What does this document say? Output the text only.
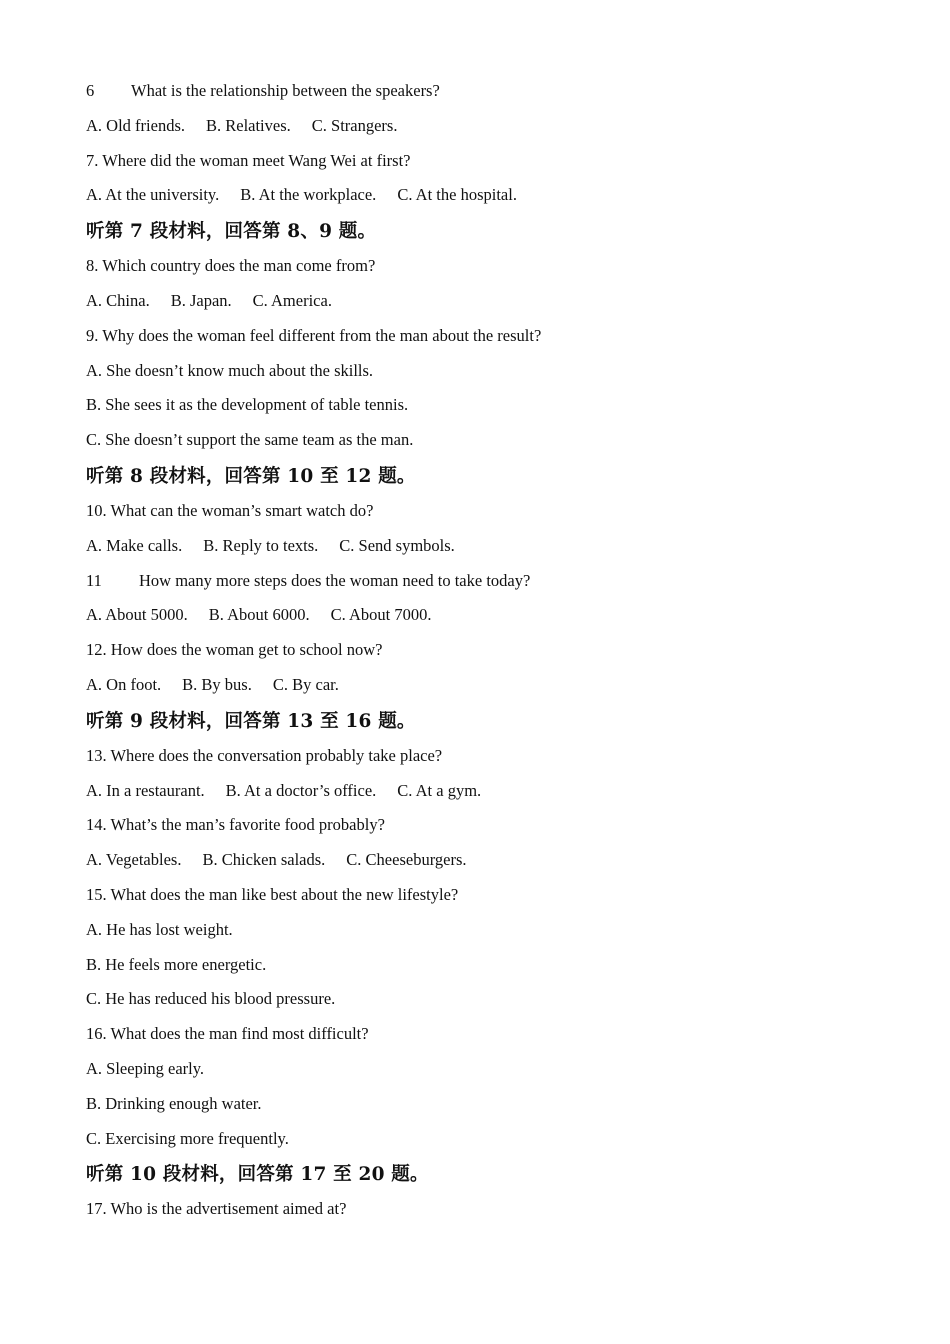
6 What is the relationship between the speakers?
A. Old friends. B. Relatives. C. Strangers.
7. Where did the woman meet Wang Wei at first?
A. At the university. B. At the workplace. C. At the hospital.
听第 7 段材料，回答第 8、9 题。
8. Which country does the man come from?
A. China. B. Japan. C. America.
9. Why does the woman feel different from the man about the result?
A. She doesn’t know much about the skills.
B. She sees it as the development of table tennis.
C. She doesn’t support the same team as the man.
听第 8 段材料，回答第 10 至 12 题。
10. What can the woman’s smart watch do?
A. Make calls. B. Reply to texts. C. Send symbols.
11 How many more steps does the woman need to take today?
A. About 5000. B. About 6000. C. About 7000.
12. How does the woman get to school now?
A. On foot. B. By bus. C. By car.
听第 9 段材料，回答第 13 至 16 题。
13. Where does the conversation probably take place?
A. In a restaurant. B. At a doctor’s office. C. At a gym.
14. What’s the man’s favorite food probably?
A. Vegetables. B. Chicken salads. C. Cheeseburgers.
15. What does the man like best about the new lifestyle?
A. He has lost weight.
B. He feels more energetic.
C. He has reduced his blood pressure.
16. What does the man find most difficult?
A. Sleeping early.
B. Drinking enough water.
C. Exercising more frequently.
听第 10 段材料，回答第 17 至 20 题。
17. Who is the advertisement aimed at?
